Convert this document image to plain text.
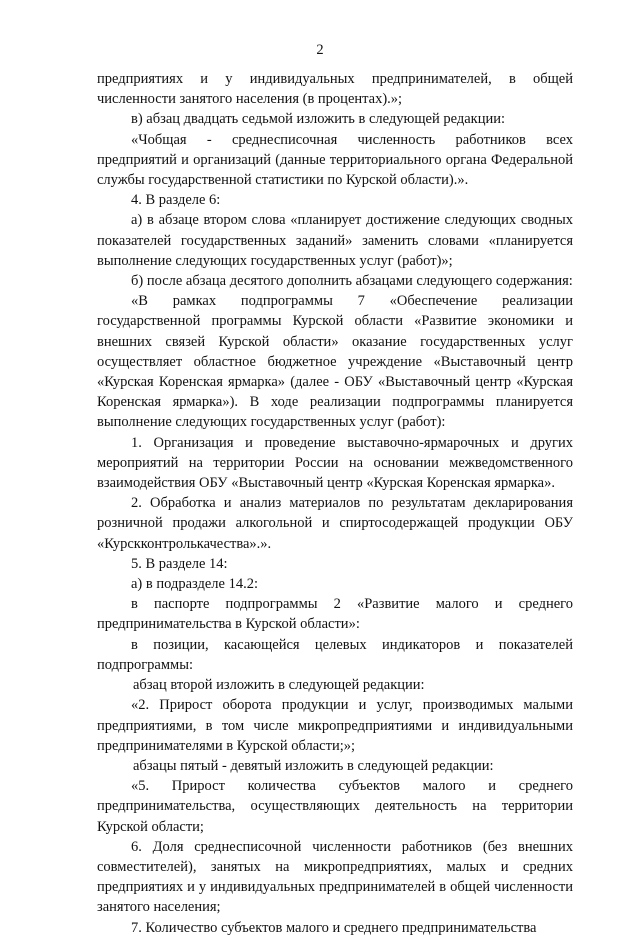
2

предприятиях и у индивидуальных предпринимателей, в общей численности занятого населения (в процентах).»;

в) абзац двадцать седьмой изложить в следующей редакции:

«Чобщая - среднесписочная численность работников всех предприятий и организаций (данные территориального органа Федеральной службы государственной статистики по Курской области).».

4. В разделе 6:

а) в абзаце втором слова «планирует достижение следующих сводных показателей государственных заданий» заменить словами «планируется выполнение следующих государственных услуг (работ)»;

б) после абзаца десятого дополнить абзацами следующего содержания:

«В рамках подпрограммы 7 «Обеспечение реализации государственной программы Курской области «Развитие экономики и внешних связей Курской области» оказание государственных услуг осуществляет областное бюджетное учреждение «Выставочный центр «Курская Коренская ярмарка» (далее - ОБУ «Выставочный центр «Курская Коренская ярмарка»). В ходе реализации подпрограммы планируется выполнение следующих государственных услуг (работ):

1. Организация и проведение выставочно-ярмарочных и других мероприятий на территории России на основании межведомственного взаимодействия ОБУ «Выставочный центр «Курская Коренская ярмарка».

2. Обработка и анализ материалов по результатам декларирования розничной продажи алкогольной и спиртосодержащей продукции ОБУ «Курскконтролькачества».».

5. В разделе 14:

а) в подразделе 14.2:

в паспорте подпрограммы 2 «Развитие малого и среднего предпринимательства в Курской области»:

в позиции, касающейся целевых индикаторов и показателей подпрограммы:

абзац второй изложить в следующей редакции:

«2. Прирост оборота продукции и услуг, производимых малыми предприятиями, в том числе микропредприятиями и индивидуальными предпринимателями в Курской области;»;

абзацы пятый - девятый изложить в следующей редакции:

«5. Прирост количества субъектов малого и среднего предпринимательства, осуществляющих деятельность на территории Курской области;

6. Доля среднесписочной численности работников (без внешних совместителей), занятых на микропредприятиях, малых и средних предприятиях и у индивидуальных предпринимателей в общей численности занятого населения;

7. Количество субъектов малого и среднего предпринимательства
